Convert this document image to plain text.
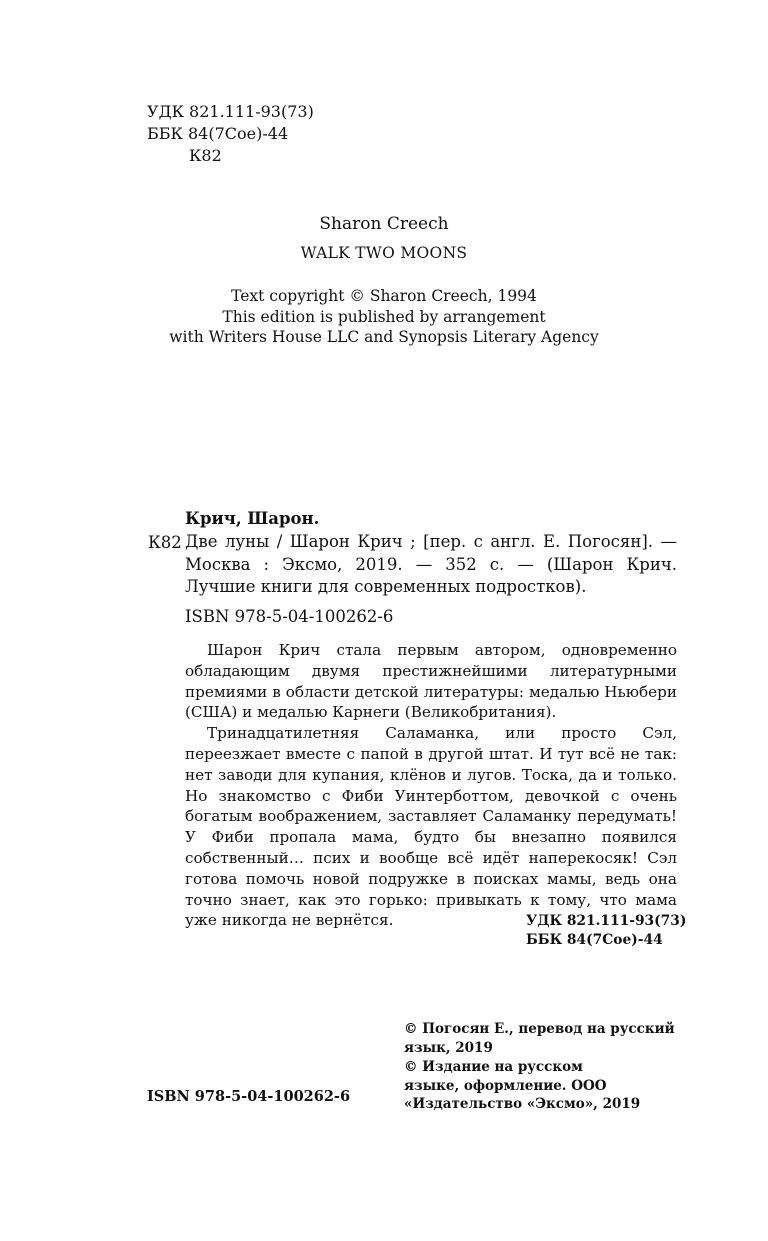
УДК 821.111-93(73)
ББК 84(7Сое)-44
К82
Sharon Creech
WALK TWO MOONS
Text copyright © Sharon Creech, 1994
This edition is published by arrangement
with Writers House LLC and Synopsis Literary Agency
Крич, Шарон.
К82 Две луны / Шарон Крич ; [пер. с англ. Е. Погосян]. — Москва : Эксмо, 2019. — 352 с. — (Шарон Крич. Лучшие книги для современных подростков).
ISBN 978-5-04-100262-6

Шарон Крич стала первым автором, одновременно обладающим двумя престижнейшими литературными премиями в области детской литературы: медалью Ньюбери (США) и медалью Карнеги (Великобритания).

Тринадцатилетняя Саламанка, или просто Сэл, переезжает вместе с папой в другой штат. И тут всё не так: нет заводи для купания, клёнов и лугов. Тоска, да и только. Но знакомство с Фиби Уинтерботтом, девочкой с очень богатым воображением, заставляет Саламанку передумать! У Фиби пропала мама, будто бы внезапно появился собственный… псих и вообще всё идёт наперекосяк! Сэл готова помочь новой подружке в поисках мамы, ведь она точно знает, как это горько: привыкать к тому, что мама уже никогда не вернётся.	УДК 821.111-93(73)
ББК 84(7Сое)-44
ISBN 978-5-04-100262-6
© Погосян Е., перевод на русский
язык, 2019
© Издание на русском
языке, оформление. ООО
«Издательство «Эксмо», 2019
